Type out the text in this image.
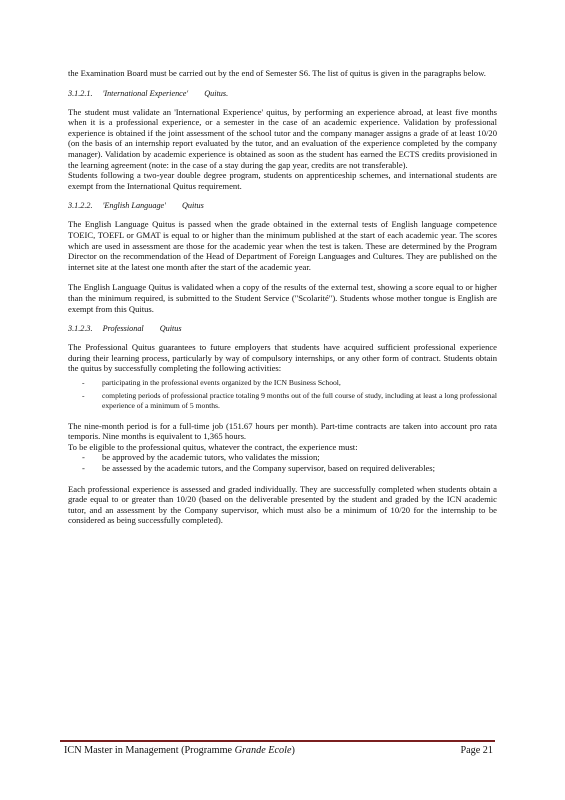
the Examination Board must be carried out by the end of Semester S6. The list of quitus is given in the paragraphs below.

3.1.2.1. 'International Experience' Quitus.

The student must validate an 'International Experience' quitus, by performing an experience abroad, at least five months when it is a professional experience, or a semester in the case of an academic experience. Validation by professional experience is obtained if the joint assessment of the school tutor and the company manager assigns a grade of at least 10/20 (on the basis of an internship report evaluated by the tutor, and an evaluation of the experience completed by the company manager). Validation by academic experience is obtained as soon as the student has earned the ECTS credits provisioned in the learning agreement (note: in the case of a stay during the gap year, credits are not transferable).

Students following a two-year double degree program, students on apprenticeship schemes, and international students are exempt from the International Quitus requirement.

3.1.2.2. 'English Language' Quitus

The English Language Quitus is passed when the grade obtained in the external tests of English language competence TOEIC, TOEFL or GMAT is equal to or higher than the minimum published at the start of each academic year. The scores which are used in assessment are those for the academic year when the test is taken. These are determined by the Program Director on the recommendation of the Head of Department of Foreign Languages and Cultures. They are published on the internet site at the latest one month after the start of the academic year.

The English Language Quitus is validated when a copy of the results of the external test, showing a score equal to or higher than the minimum required, is submitted to the Student Service ("Scolarité"). Students whose mother tongue is English are exempt from this Quitus.

3.1.2.3. Professional Quitus

The Professional Quitus guarantees to future employers that students have acquired sufficient professional experience during their learning process, particularly by way of compulsory internships, or any other form of contract. Students obtain the quitus by successfully completing the following activities:

- participating in the professional events organized by the ICN Business School,
- completing periods of professional practice totaling 9 months out of the full course of study, including at least a long professional experience of a minimum of 5 months.

The nine-month period is for a full-time job (151.67 hours per month). Part-time contracts are taken into account pro rata temporis. Nine months is equivalent to 1,365 hours.

To be eligible to the professional quitus, whatever the contract, the experience must:

- be approved by the academic tutors, who validates the mission;
- be assessed by the academic tutors, and the Company supervisor, based on required deliverables;

Each professional experience is assessed and graded individually. They are successfully completed when students obtain a grade equal to or greater than 10/20 (based on the deliverable presented by the student and graded by the ICN academic tutor, and an assessment by the Company supervisor, which must also be a minimum of 10/20 for the internship to be considered as being successfully completed).

ICN Master in Management (Programme Grande Ecole)	Page 21
